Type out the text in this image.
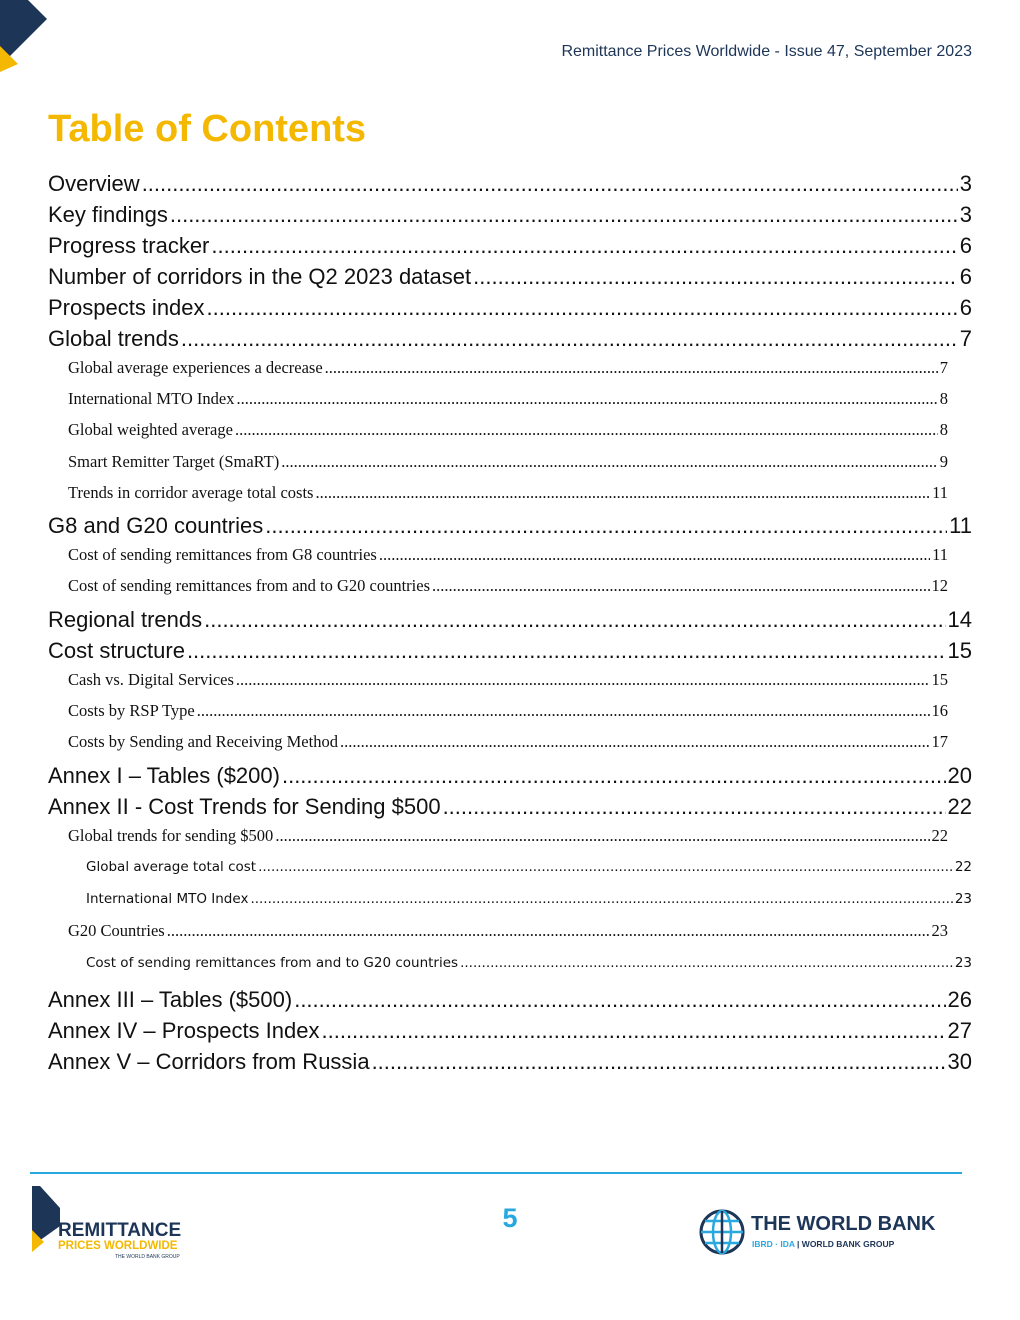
Remittance Prices Worldwide - Issue 47, September 2023
Table of Contents
Overview .....	3
Key findings .....	3
Progress tracker .....	6
Number of corridors in the Q2 2023 dataset .....	6
Prospects index .....	6
Global trends .....	7
Global average experiences a decrease .....	7
International MTO Index .....	8
Global weighted average .....	8
Smart Remitter Target (SmaRT) .....	9
Trends in corridor average total costs .....	11
G8 and G20 countries .....	11
Cost of sending remittances from G8 countries .....	11
Cost of sending remittances from and to G20 countries .....	12
Regional trends .....	14
Cost structure .....	15
Cash vs. Digital Services .....	15
Costs by RSP Type .....	16
Costs by Sending and Receiving Method .....	17
Annex I – Tables ($200) .....	20
Annex II - Cost Trends for Sending $500 .....	22
Global trends for sending $500 .....	22
Global average total cost .....	22
International MTO Index .....	23
G20 Countries .....	23
Cost of sending remittances from and to G20 countries .....	23
Annex III – Tables ($500) .....	26
Annex IV – Prospects Index .....	27
Annex V – Corridors from Russia .....	30
REMITTANCE
PRICES WORLDWIDE
THE WORLD BANK GROUP
5	THE WORLD BANK
IBRD · IDA | WORLD BANK GROUP
